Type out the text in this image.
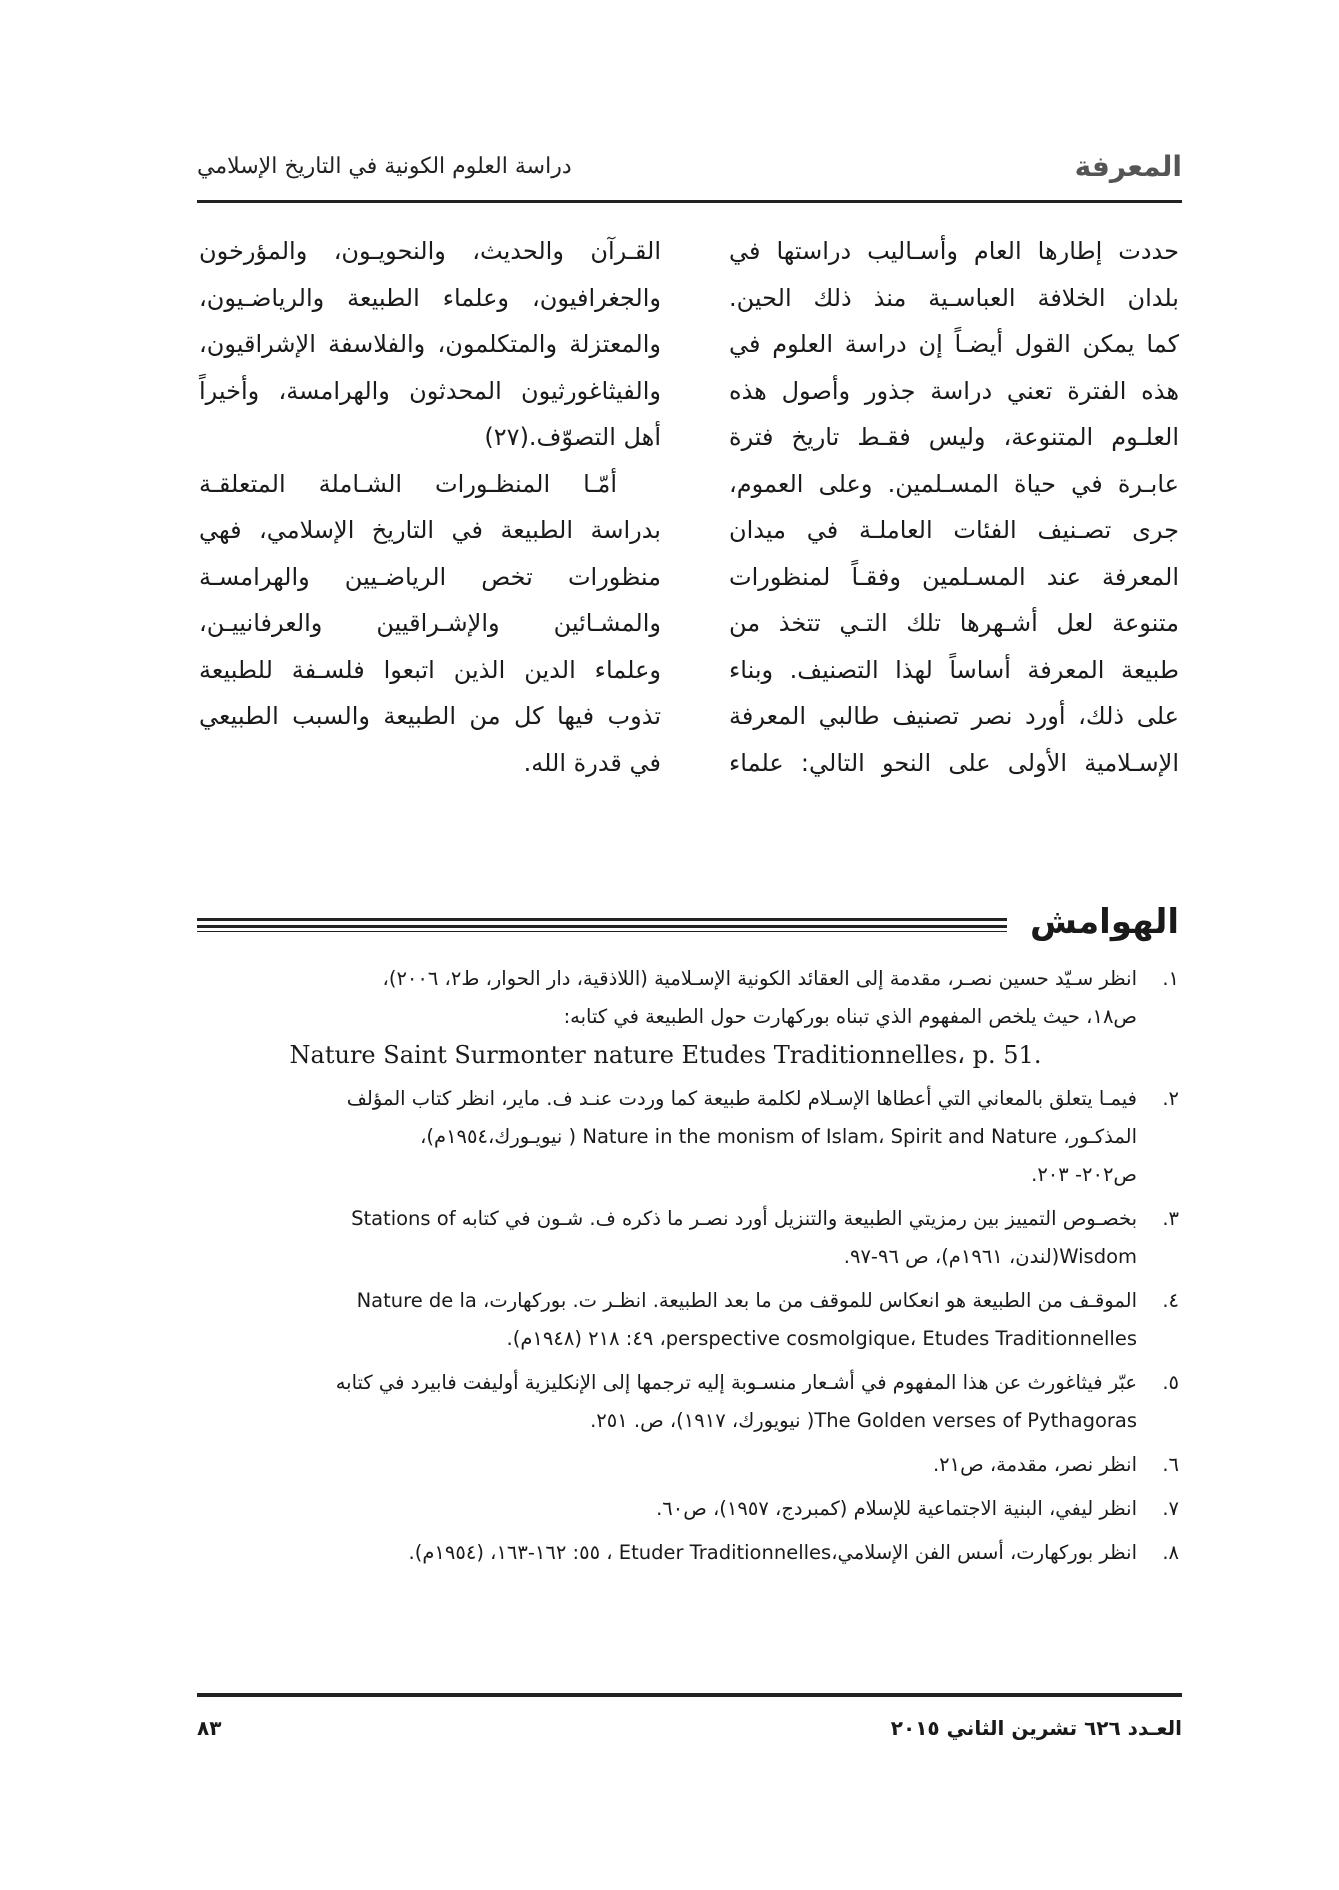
المعرفة
دراسة العلوم الكونية في التاريخ الإسلامي

حددت إطارها العام وأسـاليب دراستها في

بلدان الخلافة العباسـية منذ ذلك الحين.

كما يمكن القول أيضـاً إن دراسة العلوم في

هذه الفترة تعني دراسة جذور وأصول هذه

العلـوم المتنوعة، وليس فقـط تاريخ فترة

عابـرة في حياة المسـلمين. وعلى العموم،

جرى تصـنيف الفئات العاملـة في ميدان

المعرفة عند المسـلمين وفقـاً لمنظورات

متنوعة لعل أشـهرها تلك التـي تتخذ من

طبيعة المعرفة أساساً لهذا التصنيف. وبناء

على ذلك، أورد نصر تصنيف طالبي المعرفة

الإسـلامية الأولى على النحو التالي: علماء

القـرآن والحديث، والنحويـون، والمؤرخون

والجغرافيون، وعلماء الطبيعة والرياضـيون،

والمعتزلة والمتكلمون، والفلاسفة الإشراقيون،

والفيثاغورثيون المحدثون والهرامسة، وأخيراً

أهل التصوّف.(٢٧)

أمّـا المنظـورات الشـاملة المتعلقـة

بدراسة الطبيعة في التاريخ الإسلامي، فهي

منظورات تخص الرياضـيين والهرامسـة

والمشـائين والإشـراقيين والعرفانييـن،

وعلماء الدين الذين اتبعوا فلسـفة للطبيعة

تذوب فيها كل من الطبيعة والسبب الطبيعي

في قدرة الله.

الهوامش
١.
انظر سـيّد حسين نصـر، مقدمة إلى العقائد الكونية الإسـلامية (اللاذقية، دار الحوار، ط٢، ٢٠٠٦)،
ص١٨، حيث يلخص المفهوم الذي تبناه بوركهارت حول الطبيعة في كتابه:
.Nature Saint Surmonter nature Etudes Traditionnelles، p. 51
٢.
فيمـا يتعلق بالمعاني التي أعطاها الإسـلام لكلمة طبيعة كما وردت عنـد ف. ماير، انظر كتاب المؤلف
المذكـور، Nature in the monism of Islam، Spirit and Nature ( نيويـورك،١٩٥٤م)،
ص٢٠٢- ٢٠٣.
٣.
بخصـوص التمييز بين رمزيتي الطبيعة والتنزيل أورد نصـر ما ذكره ف. شـون في كتابه Stations of
Wisdom(لندن، ١٩٦١م)، ص ٩٦-٩٧.
٤.
الموقـف من الطبيعة هو انعكاس للموقف من ما بعد الطبيعة. انظـر ت. بوركهارت، Nature de la
perspective cosmolgique، Etudes Traditionnelles، ٤٩: ٢١٨ (١٩٤٨م).
٥.
عبّر فيثاغورث عن هذا المفهوم في أشـعار منسـوبة إليه ترجمها إلى الإنكليزية أوليفت فابيرد في كتابه
The Golden verses of Pythagoras( نيويورك، ١٩١٧)، ص. ٢٥١.
٦.
انظر نصر، مقدمة، ص٢١.
٧.
انظر ليفي، البنية الاجتماعية للإسلام (كمبردج، ١٩٥٧)، ص٦٠.
٨.
انظر بوركهارت، أسس الفن الإسلامي،Etuder Traditionnelles ، ٥٥: ١٦٢-١٦٣، (١٩٥٤م).
العـدد ٦٢٦ تشرين الثاني ٢٠١٥
٨٣
